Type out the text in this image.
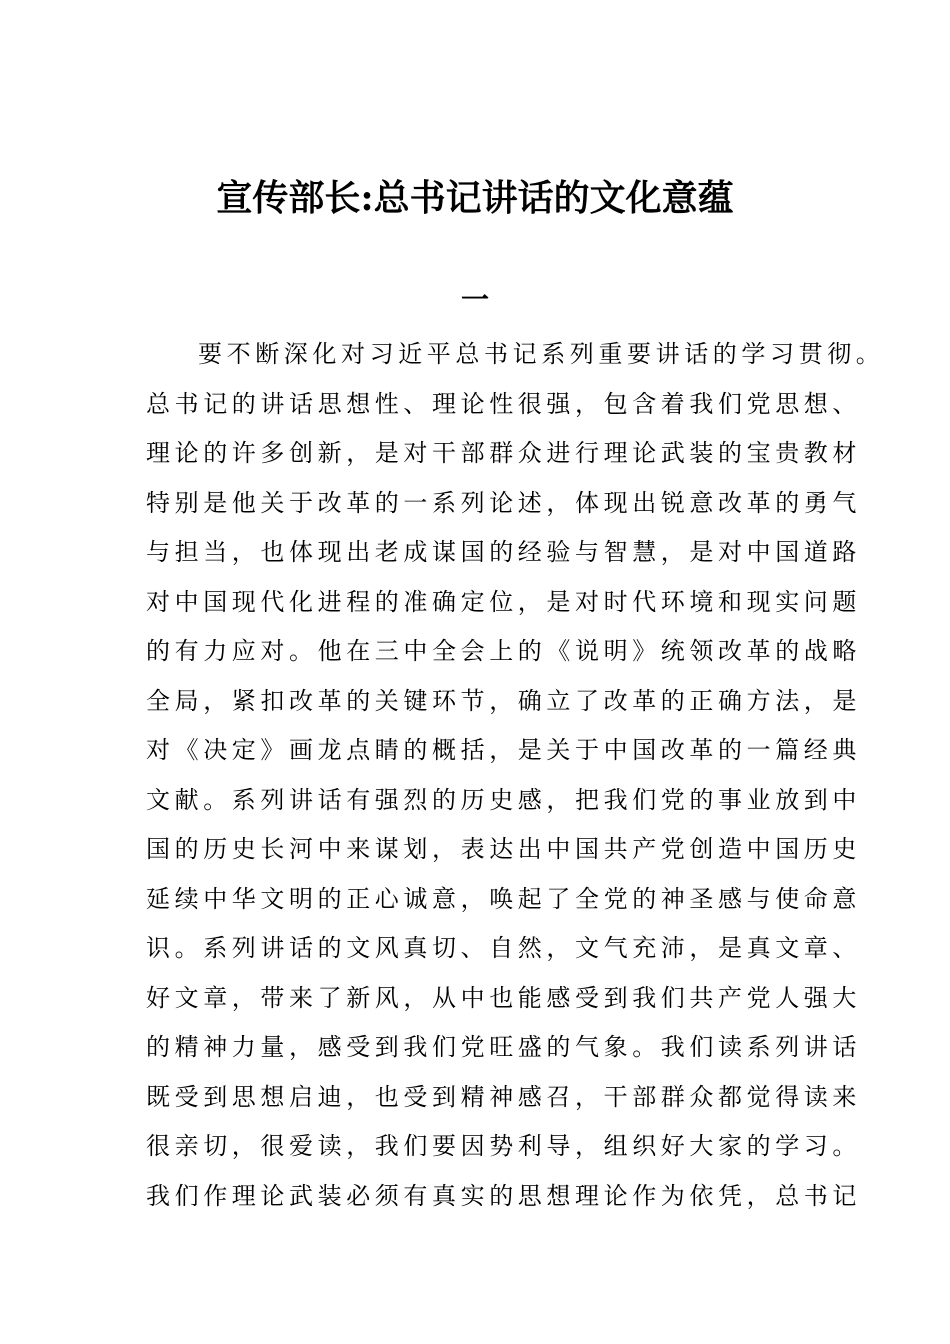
宣传部长:总书记讲话的文化意蕴
一
要不断深化对习近平总书记系列重要讲话的学习贯彻。
总书记的讲话思想性、理论性很强，包含着我们党思想、
理论的许多创新，是对干部群众进行理论武装的宝贵教材
特别是他关于改革的一系列论述，体现出锐意改革的勇气
与担当，也体现出老成谋国的经验与智慧，是对中国道路
对中国现代化进程的准确定位，是对时代环境和现实问题
的有力应对。他在三中全会上的《说明》统领改革的战略
全局，紧扣改革的关键环节，确立了改革的正确方法，是
对《决定》画龙点睛的概括，是关于中国改革的一篇经典
文献。系列讲话有强烈的历史感，把我们党的事业放到中
国的历史长河中来谋划，表达出中国共产党创造中国历史
延续中华文明的正心诚意，唤起了全党的神圣感与使命意
识。系列讲话的文风真切、自然，文气充沛，是真文章、
好文章，带来了新风，从中也能感受到我们共产党人强大
的精神力量，感受到我们党旺盛的气象。我们读系列讲话
既受到思想启迪，也受到精神感召，干部群众都觉得读来
很亲切，很爱读，我们要因势利导，组织好大家的学习。
我们作理论武装必须有真实的思想理论作为依凭，总书记
